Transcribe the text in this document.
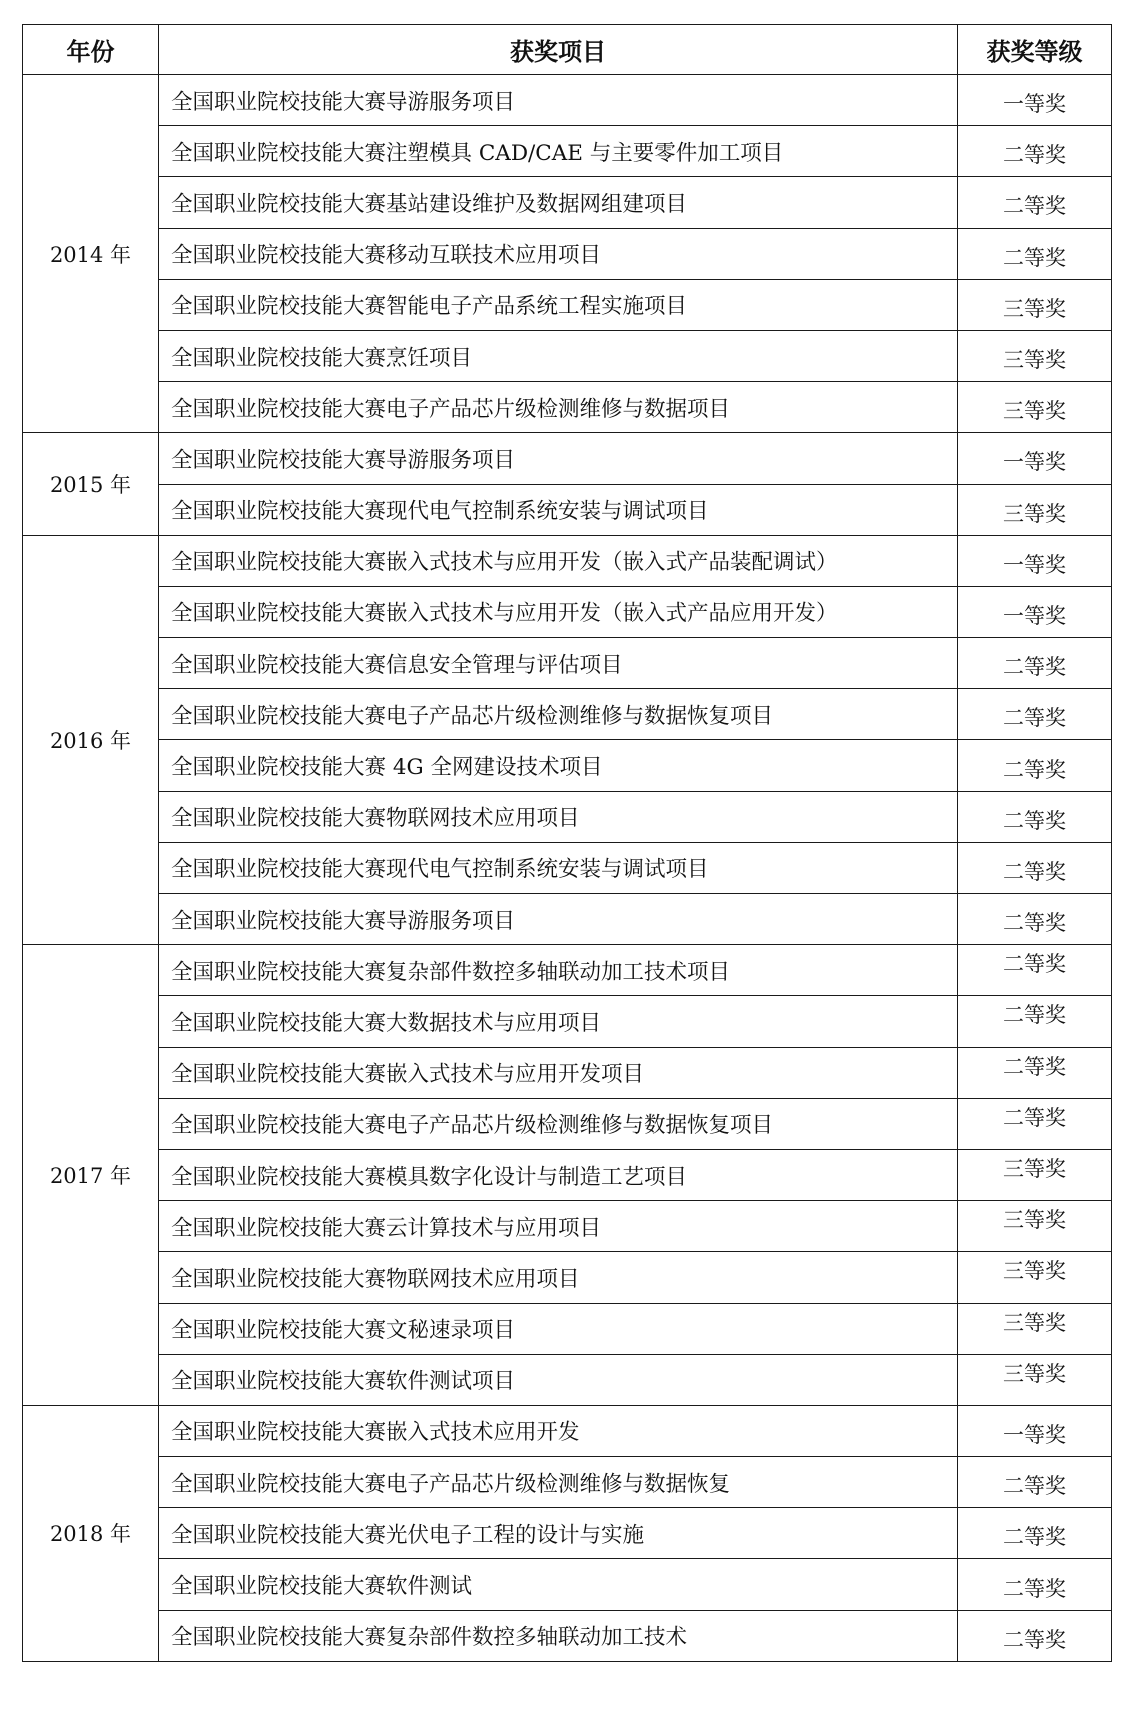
年份	获奖项目	获奖等级
2014 年	全国职业院校技能大赛导游服务项目	一等奖
	全国职业院校技能大赛注塑模具 CAD/CAE 与主要零件加工项目	二等奖
	全国职业院校技能大赛基站建设维护及数据网组建项目	二等奖
	全国职业院校技能大赛移动互联技术应用项目	二等奖
	全国职业院校技能大赛智能电子产品系统工程实施项目	三等奖
	全国职业院校技能大赛烹饪项目	三等奖
	全国职业院校技能大赛电子产品芯片级检测维修与数据项目	三等奖
2015 年	全国职业院校技能大赛导游服务项目	一等奖
	全国职业院校技能大赛现代电气控制系统安装与调试项目	三等奖
2016 年	全国职业院校技能大赛嵌入式技术与应用开发（嵌入式产品装配调试）	一等奖
	全国职业院校技能大赛嵌入式技术与应用开发（嵌入式产品应用开发）	一等奖
	全国职业院校技能大赛信息安全管理与评估项目	二等奖
	全国职业院校技能大赛电子产品芯片级检测维修与数据恢复项目	二等奖
	全国职业院校技能大赛 4G 全网建设技术项目	二等奖
	全国职业院校技能大赛物联网技术应用项目	二等奖
	全国职业院校技能大赛现代电气控制系统安装与调试项目	二等奖
	全国职业院校技能大赛导游服务项目	二等奖
2017 年	全国职业院校技能大赛复杂部件数控多轴联动加工技术项目	二等奖
	全国职业院校技能大赛大数据技术与应用项目	二等奖
	全国职业院校技能大赛嵌入式技术与应用开发项目	二等奖
	全国职业院校技能大赛电子产品芯片级检测维修与数据恢复项目	二等奖
	全国职业院校技能大赛模具数字化设计与制造工艺项目	三等奖
	全国职业院校技能大赛云计算技术与应用项目	三等奖
	全国职业院校技能大赛物联网技术应用项目	三等奖
	全国职业院校技能大赛文秘速录项目	三等奖
	全国职业院校技能大赛软件测试项目	三等奖
2018 年	全国职业院校技能大赛嵌入式技术应用开发	一等奖
	全国职业院校技能大赛电子产品芯片级检测维修与数据恢复	二等奖
	全国职业院校技能大赛光伏电子工程的设计与实施	二等奖
	全国职业院校技能大赛软件测试	二等奖
	全国职业院校技能大赛复杂部件数控多轴联动加工技术	二等奖
